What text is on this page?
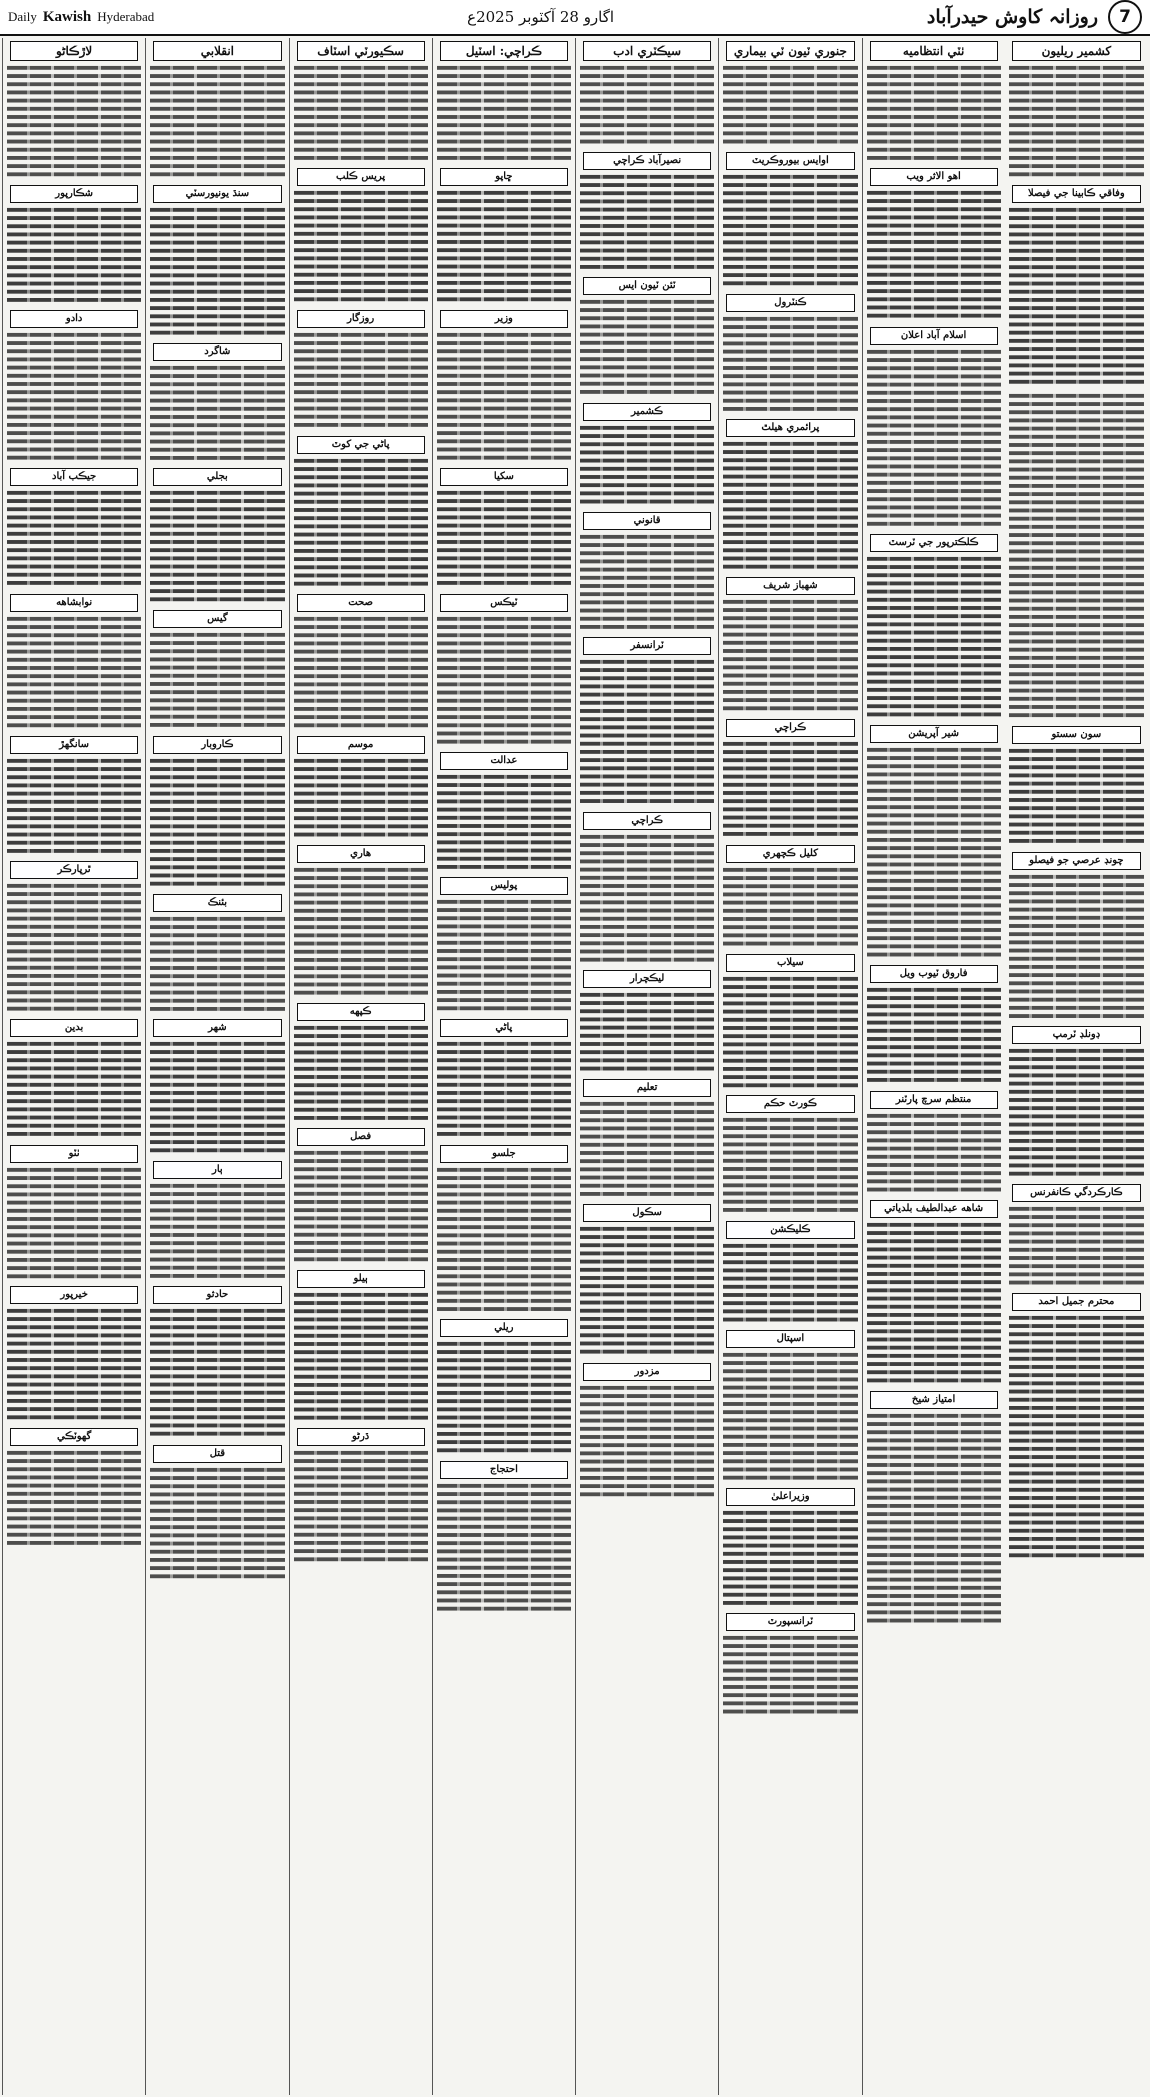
Daily Kawish Hyderabad	اگارو 28 آکٽوبر 2025ع	روزانہ کاوش حیدرآباد	7
کشمیر ریلیون
وفاقي ڪابينا جي فيصلا
سون سستو
چونڊ عرصي جو فيصلو
ڊونلڊ ٽرمپ
ڪارڪردگي ڪانفرنس
محترم جميل احمد
ٺٽي انتظاميه
اهو الاثر ويب
اسلام آباد اعلان
ڪلڪترپور جي ٽرسٽ
شير آپريشن
فاروق ٽيوب ويل
منتظم سرچ پارٽنر
شاهه عبدالطيف بلدياتي
امتياز شيخ
جنوري ٽيون ٽي بيماري
اوايس بيوروڪريٽ
ڪنٽرول
پرائمري هيلٿ
شهباز شريف
ڪراچي
کليل ڪچهري
سيلاب
ڪورٽ حڪم
ڪليڪشن
اسپتال
وزيراعلیٰ
ٽرانسپورٽ
سيڪٽري ادب
نصيرآباد ڪراچي
ٽئن ٽيون ايس
ڪشمير
قانوني
ٽرانسفر
ڪراچي
ليڪچرار
تعليم
سڪول
مزدور
ڪراچي: اسٽيل
ڇاپو
وزير
سکيا
ٽيڪس
عدالت
پوليس
پاڻي
جلسو
ريلي
احتجاج
سڪيورٽي اسٽاف
پريس ڪلب
روزگار
پاڻي جي کوٽ
صحت
موسم
هاري
ڪپهه
فصل
ٻيلو
ڌرڻو
انقلابي
سنڌ يونيورسٽي
شاگرد
بجلي
گيس
ڪاروبار
بئنڪ
شهر
ٻار
حادثو
قتل
لاڙڪاڻو
شڪارپور
دادو
جيڪب آباد
نوابشاهه
سانگهڙ
ٿرپارڪر
بدين
ٺٽو
خيرپور
گهوٽڪي
